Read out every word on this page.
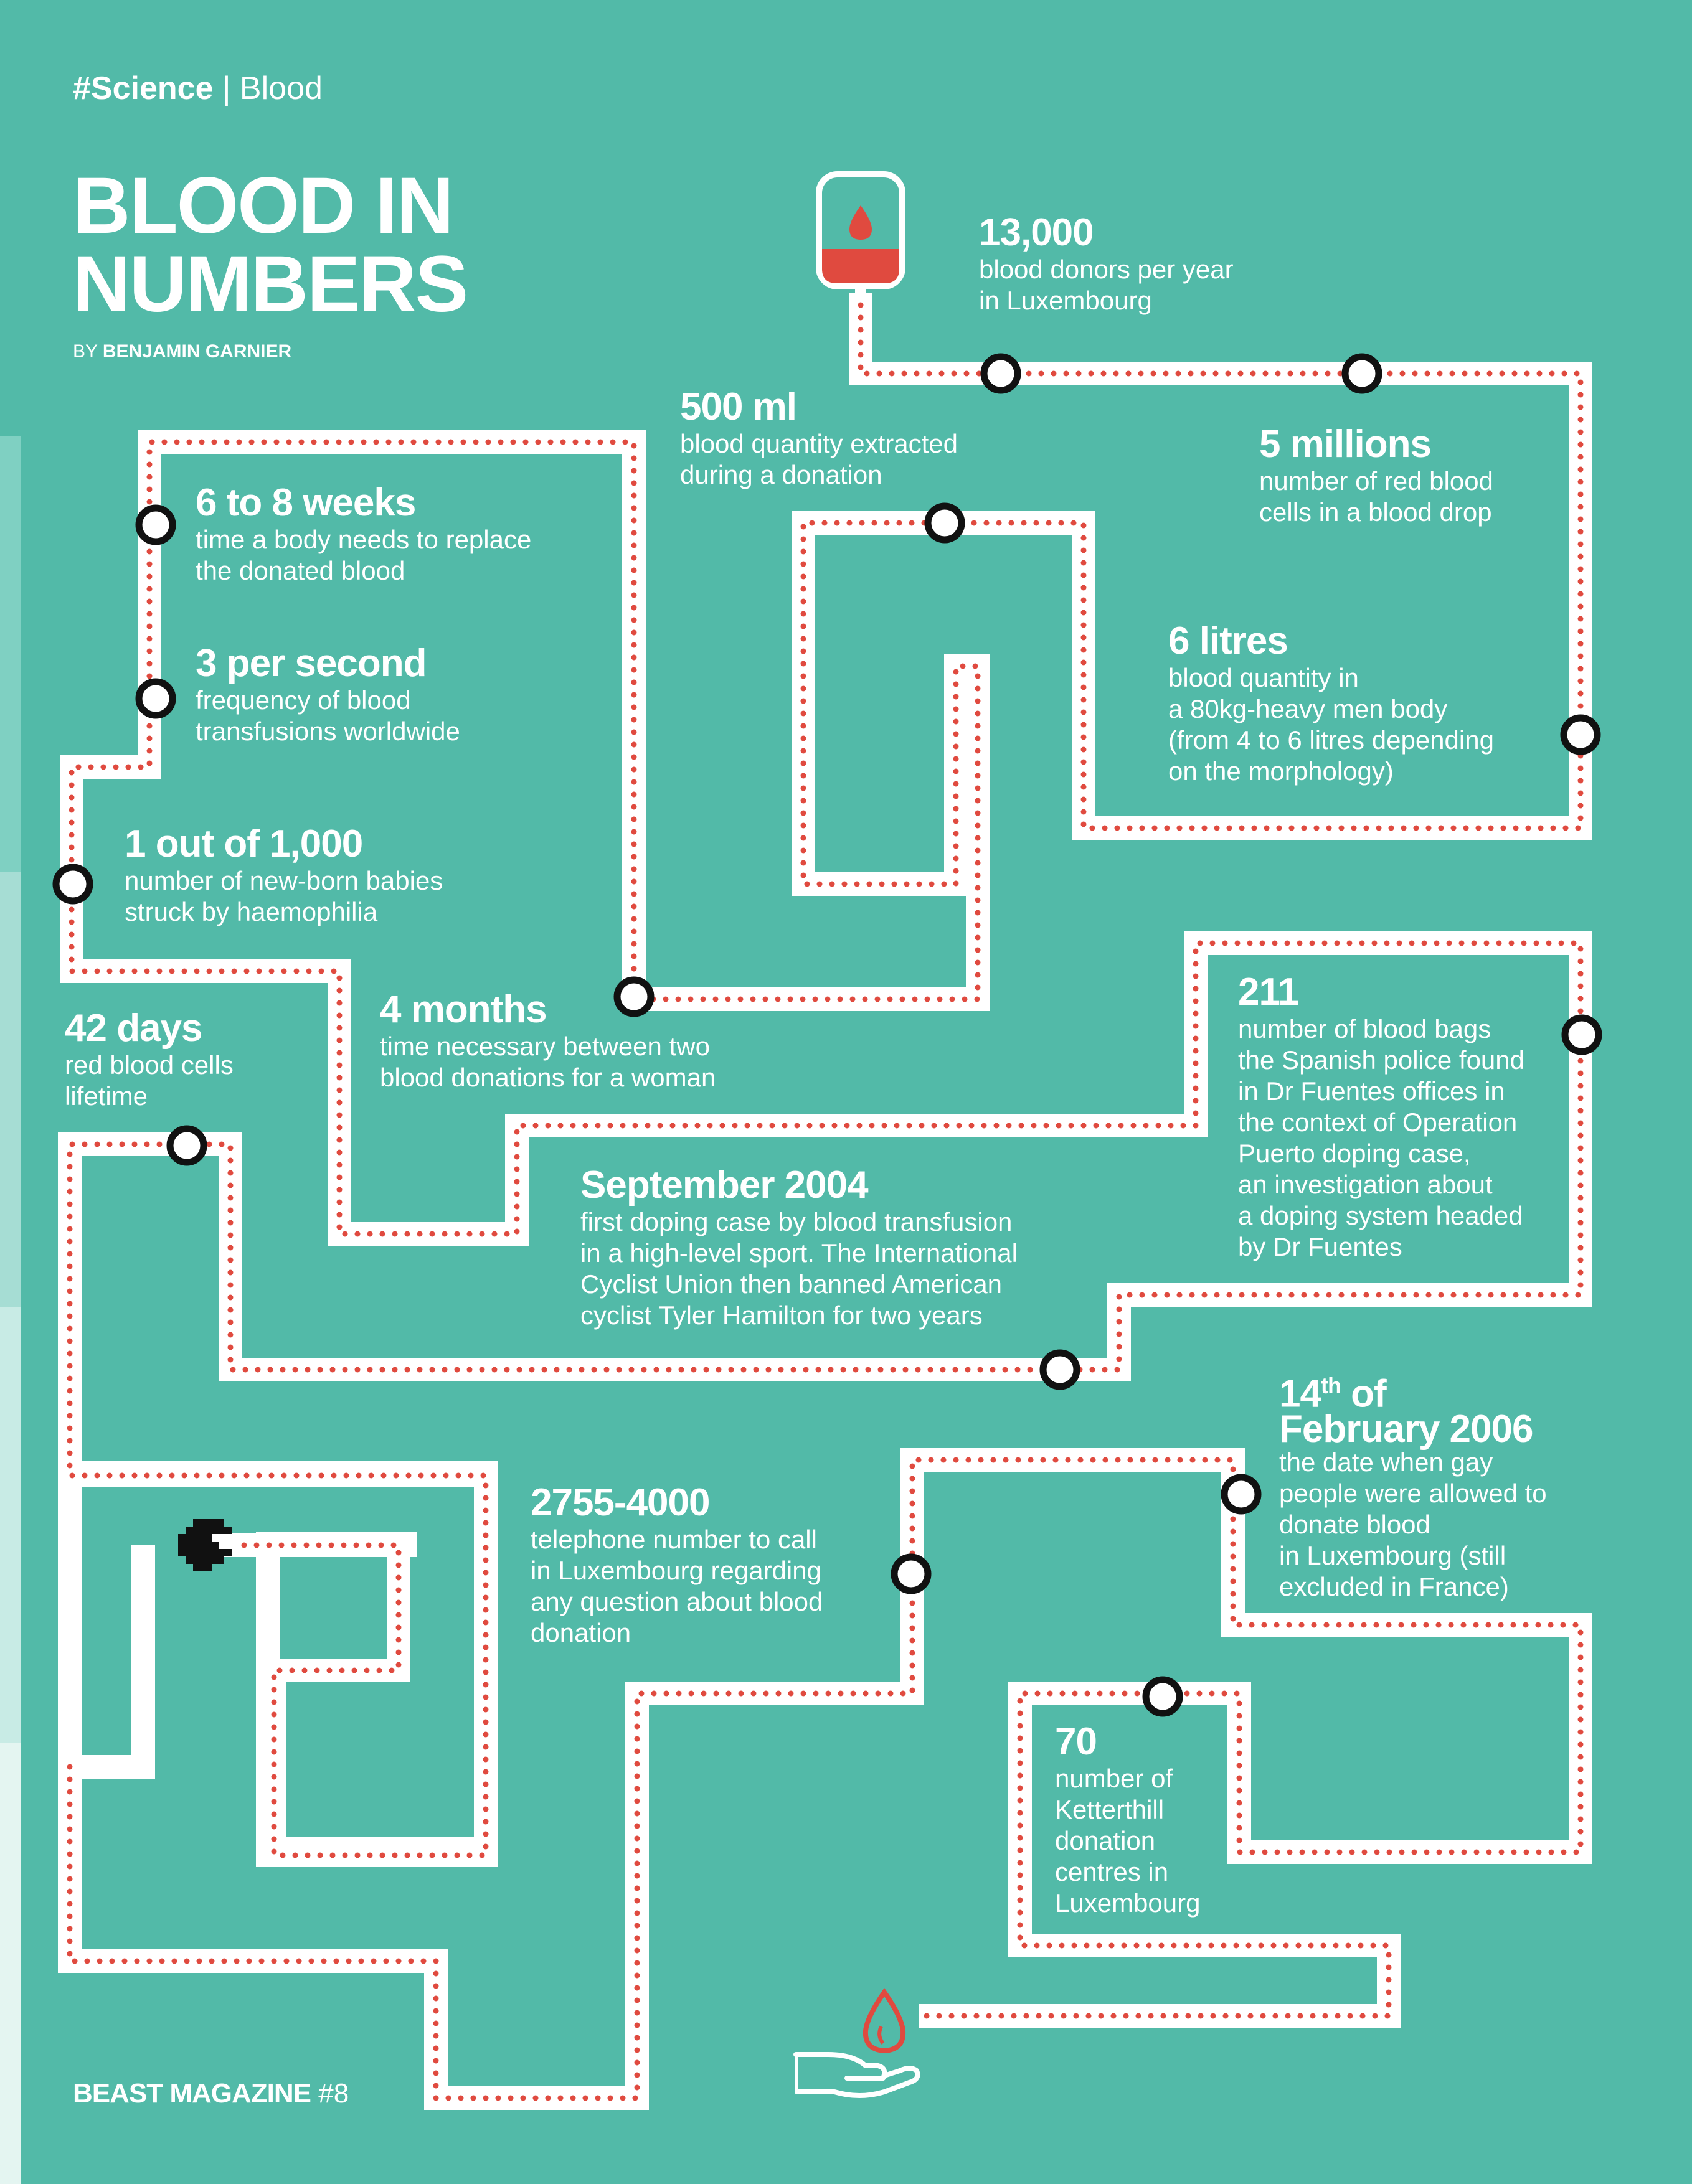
#Science | Blood
BLOOD IN
NUMBERS
BY BENJAMIN GARNIER
13,000
blood donors per year
in Luxembourg
500 ml
blood quantity extracted
during a donation
5 millions
number of red blood
cells in a blood drop
6 to 8 weeks
time a body needs to replace
the donated blood
3 per second
frequency of blood
transfusions worldwide
6 litres
blood quantity in
a 80kg-heavy men body
(from 4 to 6 litres depending
on the morphology)
1 out of 1,000
number of new-born babies
struck by haemophilia
4 months
time necessary between two
blood donations for a woman
42 days
red blood cells
lifetime
211
number of blood bags
the Spanish police found
in Dr Fuentes offices in
the context of Operation
Puerto doping case,
an investigation about
a doping system headed
by Dr Fuentes
September 2004
first doping case by blood transfusion
in a high-level sport. The International
Cyclist Union then banned American
cyclist Tyler Hamilton for two years
14th of
February 2006
the date when gay
people were allowed to
donate blood
in Luxembourg (still
excluded in France)
2755-4000
telephone number to call
in Luxembourg regarding
any question about blood
donation
70
number of
Ketterthill
donation
centres in
Luxembourg
BEAST MAGAZINE #8
